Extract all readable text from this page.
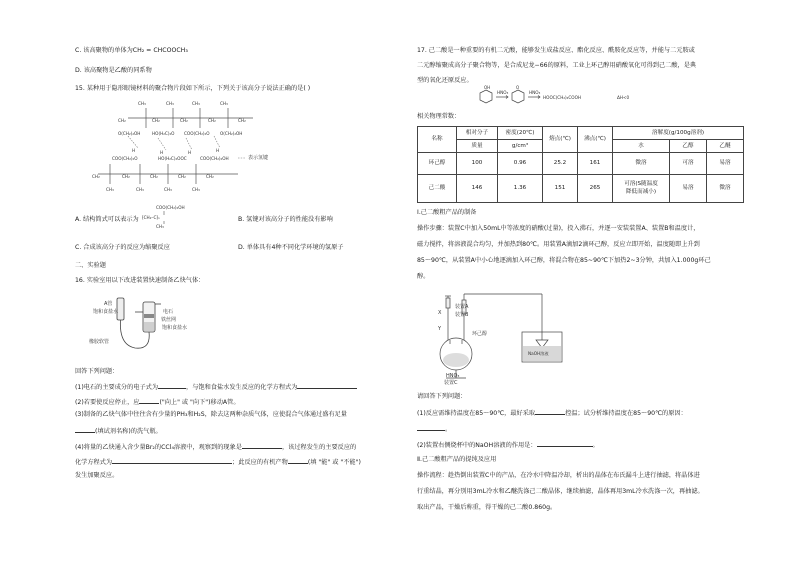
C. 该高聚物的单体为CH₂ = CHCOOCH₃
D. 该高聚物是乙酸的同系物
15. 某种用于隐形眼镜材料的聚合物片段如下所示，下列关于该高分子说法正确的是( )
CH₃	CH₃	CH₃	CH₃
CH₂	CH₂	CH₂	CH₂	CH₂
O(CH₂)₂OH	HO(H₂C)₂O COO(CH₂)₂O O(CH₂)₂OH
H	H	H	H
COO(CH₂)₂O	HO(H₂C)₂OOC	COO(CH₂)₂OH
CH₂	CH₂	CH₂	CH₂	CH₂
CH₃	CH₃	CH₃	CH₃
表示氢键
COO(CH₂)₂OH
⁅CH₂–C⁆ₙ
CH₃
A. 结构简式可以表示为	B. 氢键对该高分子的性能没有影响
C. 合成该高分子的反应为缩聚反应	D. 单体具有4种不同化学环境的氢原子
二、实验题
16. 实验室用以下改进装置快速制备乙炔气体：
A管
饱和食盐水	电石
铁丝网
饱和食盐水
橡胶软管
回答下列问题：
(1)电石的主要成分的电子式为	，与饱和食盐水发生反应的化学方程式为
(2)若要使反应停止，应	("向上" 或 "向下")移动A管。
(3)制备的乙炔气体中往往含有少量的PH₃和H₂S，除去这两种杂质气体，应使混合气体通过盛有足量
(填试剂名称)的洗气瓶。
(4)将量的乙炔通入含少量Br₂的CCl₄溶液中，观察到的现象是	，该过程发生的主要反应的
化学方程式为	；此反应的有机产物	(填 "能" 或 "不能")
发生加聚反应。
17. 己二酸是一种重要的有机二元酸，能够发生成盐反应、酯化反应、酰胺化反应等，并能与二元胺或
二元醇缩聚成高分子聚合物等，是合成尼龙−66的原料，工业上环己醇用硝酸氧化可得到己二酸，是典
型的氧化还原反应。
OH	O
HNO₃	HNO₃
HOOC(CH₂)₄COOH	ΔH<0
相关物理常数：
名称	相对分子	密度(20℃)	熔点(℃)	沸点(℃)	溶解度(g/100g溶剂)		
	质量	g/cm³			水	乙醇	乙醚
环己醇	100	0.96	25.2	161	微溶	可溶	易溶
己二酸	146	1.36	151	265	可溶(S随温度
降低而减小)	易溶	微溶
Ⅰ.己二酸粗产品的制备
操作步骤：装置C中加入50mL中等浓度的硝酸(过量)，投入沸石，并逐一安装装置A、装置B和温度计，
磁力搅拌，将溶液混合均匀，并加热到80℃。用装置A滴加2滴环己醇，反应立即开始，温度随即上升到
85～90℃，从装置A中小心地逐滴加入环己醇，将混合物在85~90℃下加热2~3分钟，共加入1.000g环己
醇。
装置A
装置B
X
Y
环己醇
NaOH溶液
HNO₃
装置C
请回答下列问题：
(1)反应需维持温度在85～90℃，最好采取	控温；试分析维持温度在85～90℃的原因：
。
(2)装置右侧烧杯中的NaOH溶液的作用是：	。
Ⅱ.己二酸粗产品的提纯及应用
操作流程：趁热倒出装置C中的产品，在冷水中降温冷却，析出的晶体在布氏漏斗上进行抽滤，将晶体进
行重结晶，再分别用3mL冷水和乙醚洗涤己二酸晶体，继续抽滤，晶体再用3mL冷水洗涤一次，再抽滤。
取出产品，干燥后称重，得干燥的己二酸0.860g。
